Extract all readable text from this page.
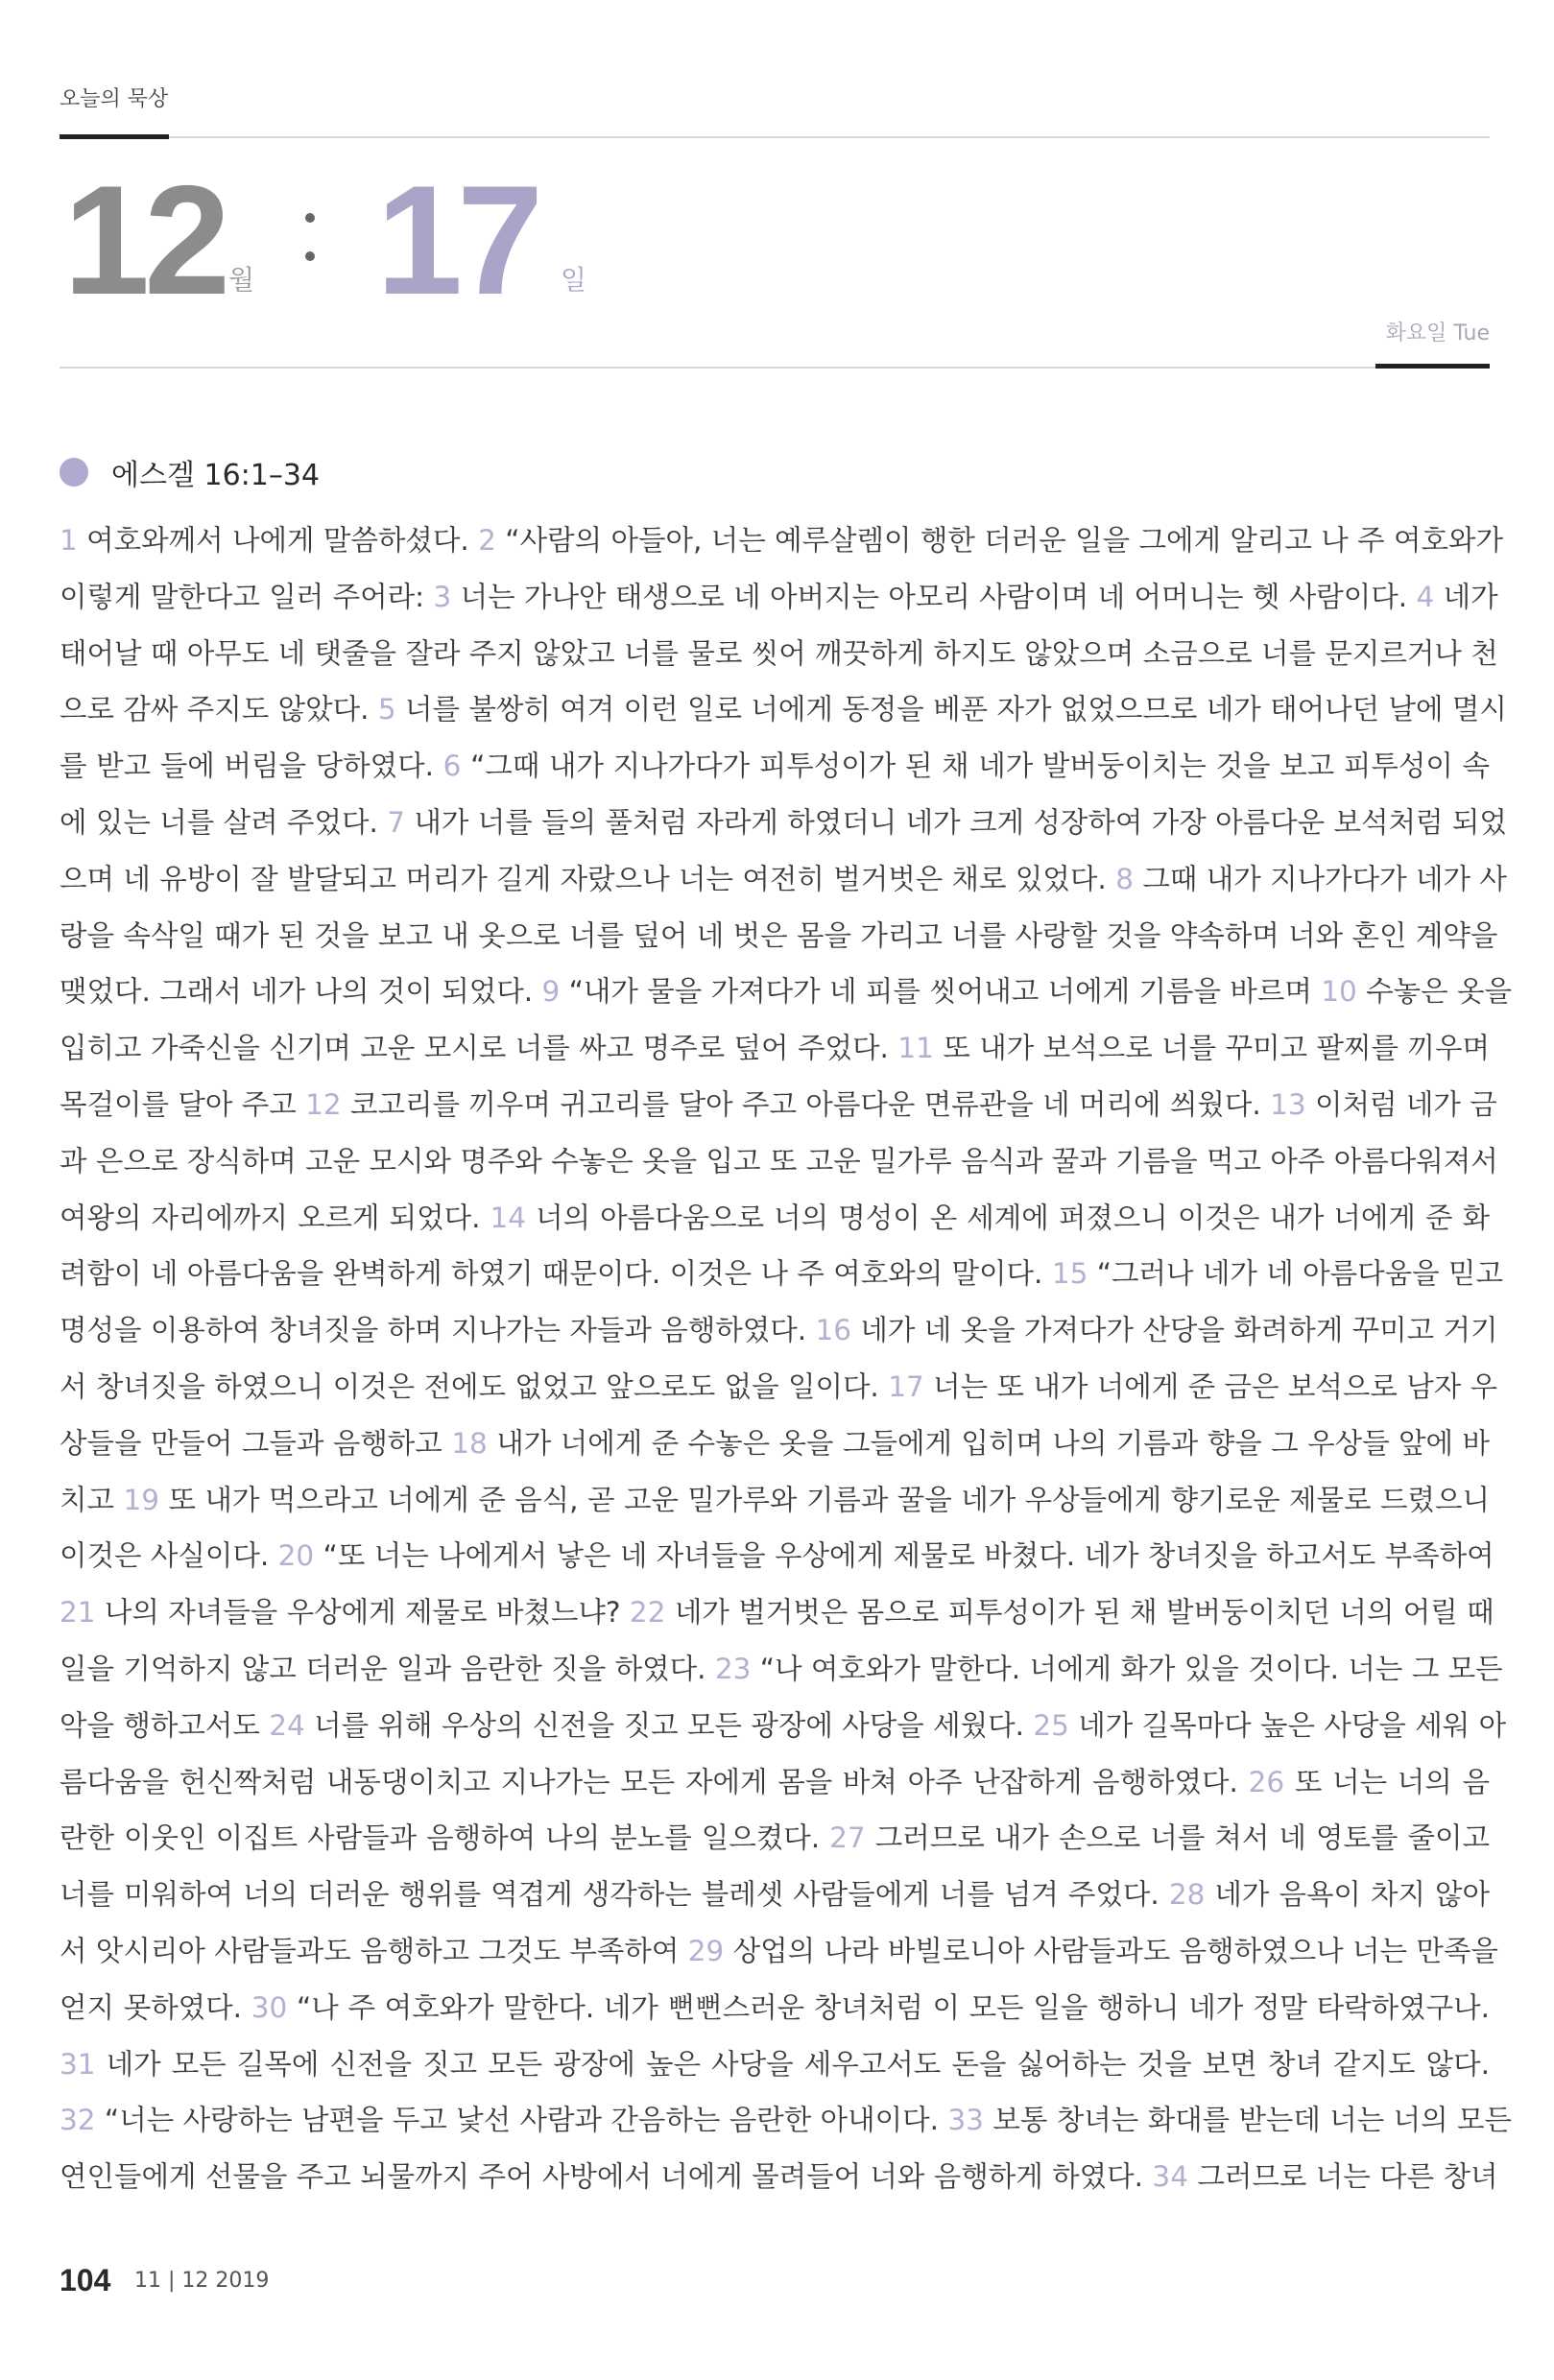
오늘의 묵상
12 월 17 일
화요일 Tue
에스겔 16:1–34
1 여호와께서 나에게 말씀하셨다. 2 “사람의 아들아, 너는 예루살렘이 행한 더러운 일을 그에게 알리고 나 주 여호와가
이렇게 말한다고 일러 주어라: 3 너는 가나안 태생으로 네 아버지는 아모리 사람이며 네 어머니는 헷 사람이다. 4 네가
태어날 때 아무도 네 탯줄을 잘라 주지 않았고 너를 물로 씻어 깨끗하게 하지도 않았으며 소금으로 너를 문지르거나 천
으로 감싸 주지도 않았다. 5 너를 불쌍히 여겨 이런 일로 너에게 동정을 베푼 자가 없었으므로 네가 태어나던 날에 멸시
를 받고 들에 버림을 당하였다. 6 “그때 내가 지나가다가 피투성이가 된 채 네가 발버둥이치는 것을 보고 피투성이 속
에 있는 너를 살려 주었다. 7 내가 너를 들의 풀처럼 자라게 하였더니 네가 크게 성장하여 가장 아름다운 보석처럼 되었
으며 네 유방이 잘 발달되고 머리가 길게 자랐으나 너는 여전히 벌거벗은 채로 있었다. 8 그때 내가 지나가다가 네가 사
랑을 속삭일 때가 된 것을 보고 내 옷으로 너를 덮어 네 벗은 몸을 가리고 너를 사랑할 것을 약속하며 너와 혼인 계약을
맺었다. 그래서 네가 나의 것이 되었다. 9 “내가 물을 가져다가 네 피를 씻어내고 너에게 기름을 바르며 10 수놓은 옷을
입히고 가죽신을 신기며 고운 모시로 너를 싸고 명주로 덮어 주었다. 11 또 내가 보석으로 너를 꾸미고 팔찌를 끼우며
목걸이를 달아 주고 12 코고리를 끼우며 귀고리를 달아 주고 아름다운 면류관을 네 머리에 씌웠다. 13 이처럼 네가 금
과 은으로 장식하며 고운 모시와 명주와 수놓은 옷을 입고 또 고운 밀가루 음식과 꿀과 기름을 먹고 아주 아름다워져서
여왕의 자리에까지 오르게 되었다. 14 너의 아름다움으로 너의 명성이 온 세계에 퍼졌으니 이것은 내가 너에게 준 화
려함이 네 아름다움을 완벽하게 하였기 때문이다. 이것은 나 주 여호와의 말이다. 15 “그러나 네가 네 아름다움을 믿고
명성을 이용하여 창녀짓을 하며 지나가는 자들과 음행하였다. 16 네가 네 옷을 가져다가 산당을 화려하게 꾸미고 거기
서 창녀짓을 하였으니 이것은 전에도 없었고 앞으로도 없을 일이다. 17 너는 또 내가 너에게 준 금은 보석으로 남자 우
상들을 만들어 그들과 음행하고 18 내가 너에게 준 수놓은 옷을 그들에게 입히며 나의 기름과 향을 그 우상들 앞에 바
치고 19 또 내가 먹으라고 너에게 준 음식, 곧 고운 밀가루와 기름과 꿀을 네가 우상들에게 향기로운 제물로 드렸으니
이것은 사실이다. 20 “또 너는 나에게서 낳은 네 자녀들을 우상에게 제물로 바쳤다. 네가 창녀짓을 하고서도 부족하여
21 나의 자녀들을 우상에게 제물로 바쳤느냐? 22 네가 벌거벗은 몸으로 피투성이가 된 채 발버둥이치던 너의 어릴 때
일을 기억하지 않고 더러운 일과 음란한 짓을 하였다. 23 “나 여호와가 말한다. 너에게 화가 있을 것이다. 너는 그 모든
악을 행하고서도 24 너를 위해 우상의 신전을 짓고 모든 광장에 사당을 세웠다. 25 네가 길목마다 높은 사당을 세워 아
름다움을 헌신짝처럼 내동댕이치고 지나가는 모든 자에게 몸을 바쳐 아주 난잡하게 음행하였다. 26 또 너는 너의 음
란한 이웃인 이집트 사람들과 음행하여 나의 분노를 일으켰다. 27 그러므로 내가 손으로 너를 쳐서 네 영토를 줄이고
너를 미워하여 너의 더러운 행위를 역겹게 생각하는 블레셋 사람들에게 너를 넘겨 주었다. 28 네가 음욕이 차지 않아
서 앗시리아 사람들과도 음행하고 그것도 부족하여 29 상업의 나라 바빌로니아 사람들과도 음행하였으나 너는 만족을
얻지 못하였다. 30 “나 주 여호와가 말한다. 네가 뻔뻔스러운 창녀처럼 이 모든 일을 행하니 네가 정말 타락하였구나.
31 네가 모든 길목에 신전을 짓고 모든 광장에 높은 사당을 세우고서도 돈을 싫어하는 것을 보면 창녀 같지도 않다.
32 “너는 사랑하는 남편을 두고 낯선 사람과 간음하는 음란한 아내이다. 33 보통 창녀는 화대를 받는데 너는 너의 모든
연인들에게 선물을 주고 뇌물까지 주어 사방에서 너에게 몰려들어 너와 음행하게 하였다. 34 그러므로 너는 다른 창녀
104 11 | 12 2019
